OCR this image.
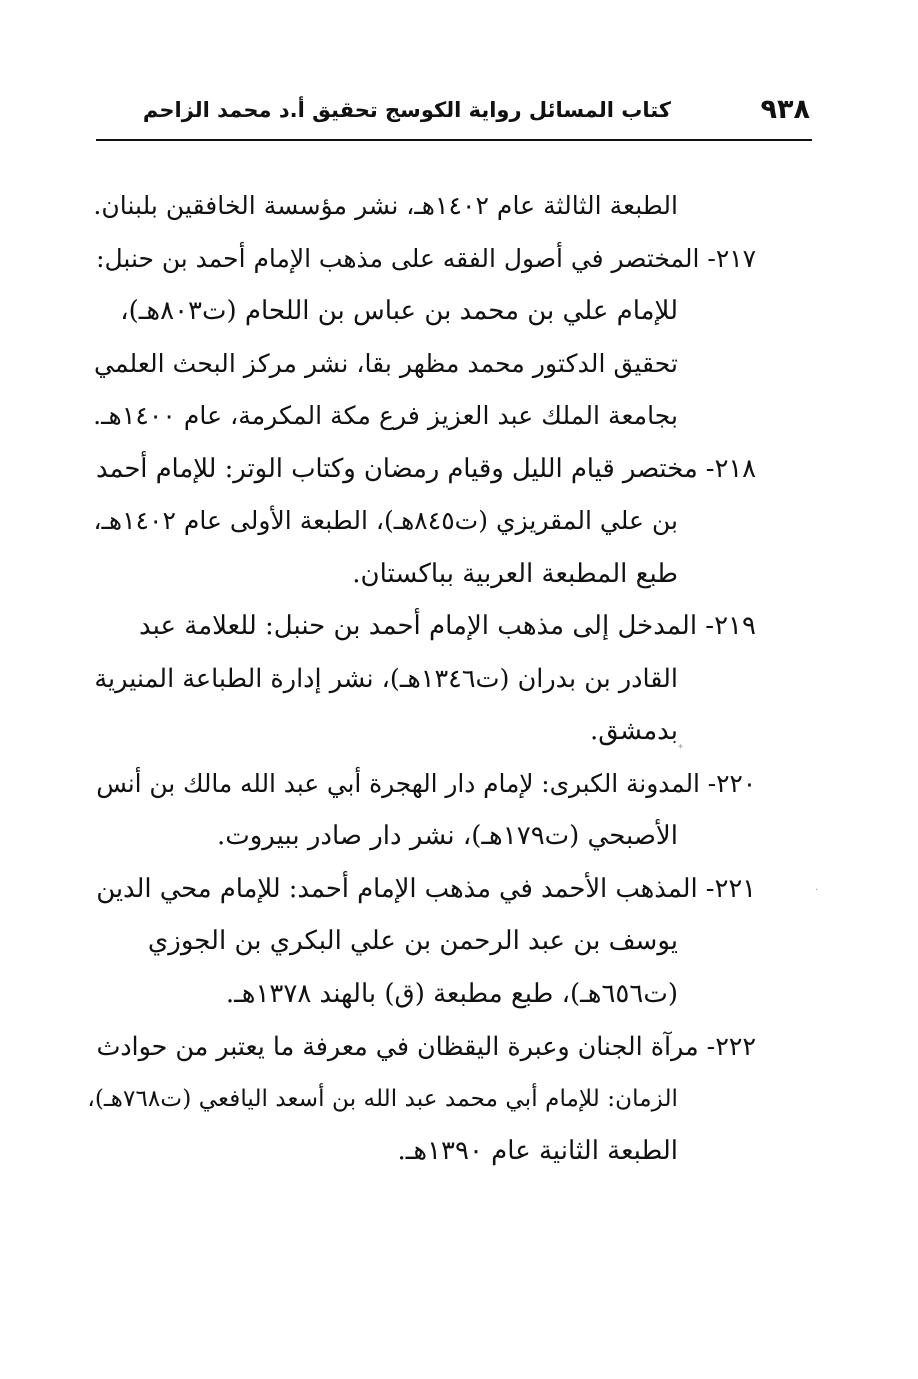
٩٣٨
كتاب المسائل رواية الكوسج تحقيق أ.د محمد الزاحم
الطبعة الثالثة عام ١٤٠٢هـ، نشر مؤسسة الخافقين بلبنان.
٢١٧- المختصر في أصول الفقه على مذهب الإمام أحمد بن حنبل:
للإمام علي بن محمد بن عباس بن اللحام (ت٨٠٣هـ)،
تحقيق الدكتور محمد مظهر بقا، نشر مركز البحث العلمي
بجامعة الملك عبد العزيز فرع مكة المكرمة، عام ١٤٠٠هـ.
٢١٨- مختصر قيام الليل وقيام رمضان وكتاب الوتر: للإمام أحمد
بن علي المقريزي (ت٨٤٥هـ)، الطبعة الأولى عام ١٤٠٢هـ،
طبع المطبعة العربية بباكستان.
٢١٩- المدخل إلى مذهب الإمام أحمد بن حنبل: للعلامة عبد
القادر بن بدران (ت١٣٤٦هـ)، نشر إدارة الطباعة المنيرية
بدمشق.
٢٢٠- المدونة الكبرى: لإمام دار الهجرة أبي عبد الله مالك بن أنس
الأصبحي (ت١٧٩هـ)، نشر دار صادر ببيروت.
٢٢١- المذهب الأحمد في مذهب الإمام أحمد: للإمام محي الدين
يوسف بن عبد الرحمن بن علي البكري بن الجوزي
(ت٦٥٦هـ)، طبع مطبعة (ق) بالهند ١٣٧٨هـ.
٢٢٢- مرآة الجنان وعبرة اليقظان في معرفة ما يعتبر من حوادث
الزمان: للإمام أبي محمد عبد الله بن أسعد اليافعي (ت٧٦٨هـ)،
الطبعة الثانية عام ١٣٩٠هـ.
⁎
·
